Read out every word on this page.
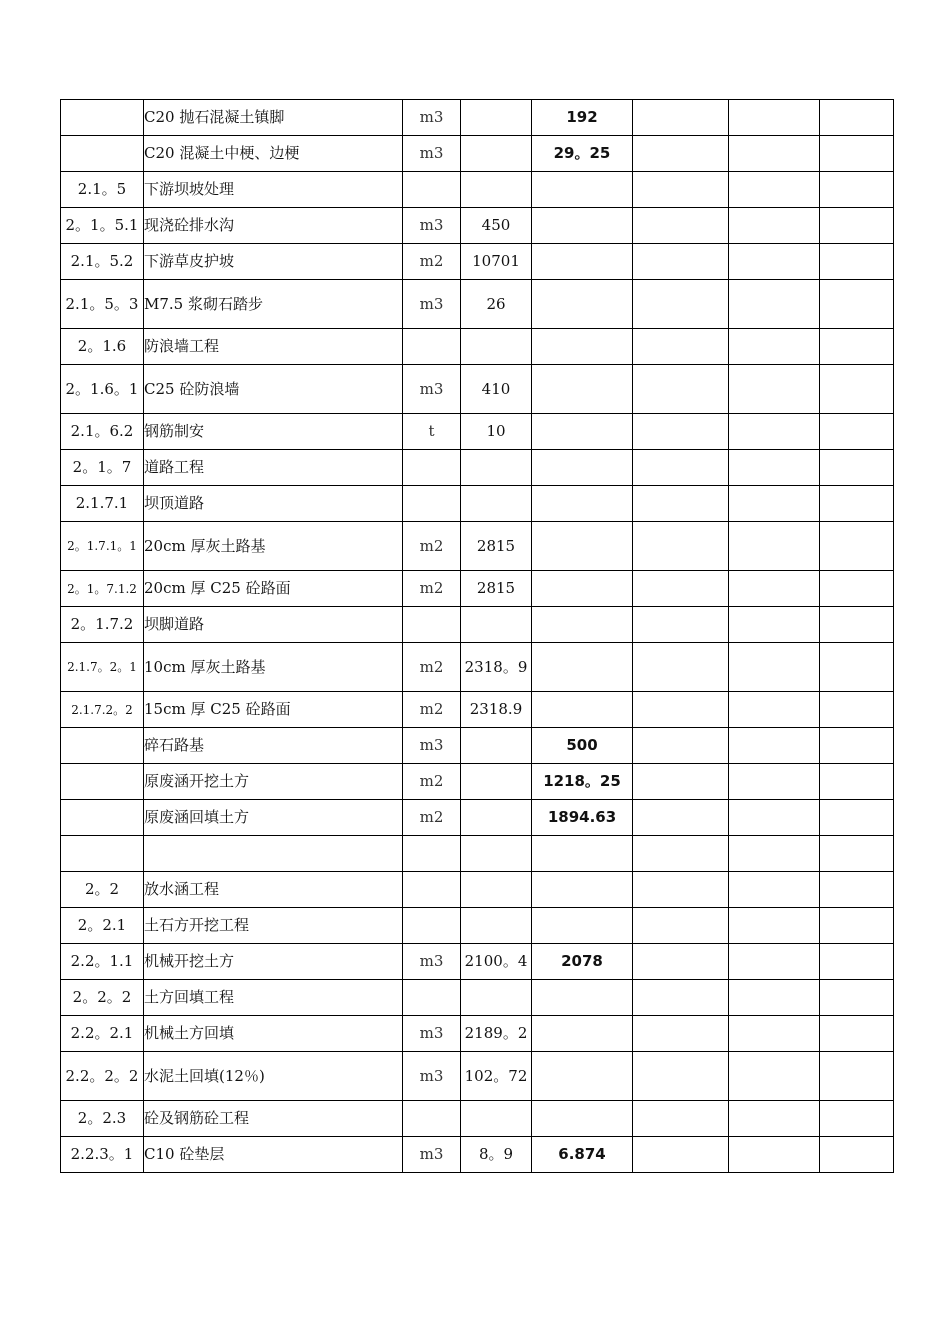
	C20 抛石混凝土镇脚	m3		192			
	C20 混凝土中梗、边梗	m3		29。25			
2.1。5	下游坝坡处理						
2。1。5.1	现浇砼排水沟	m3	450				
2.1。5.2	下游草皮护坡	m2	10701				
2.1。5。3	M7.5 浆砌石踏步	m3	26				
2。1.6	防浪墙工程						
2。1.6。1	C25 砼防浪墙	m3	410				
2.1。6.2	钢筋制安	t	10				
2。1。7	道路工程						
2.1.7.1	坝顶道路						
2。1.7.1。1	20cm 厚灰土路基	m2	2815				
2。1。7.1.2	20cm 厚 C25 砼路面	m2	2815				
2。1.7.2	坝脚道路						
2.1.7。2。1	10cm 厚灰土路基	m2	2318。9				
2.1.7.2。2	15cm 厚 C25 砼路面	m2	2318.9				
	碎石路基	m3		500			
	原废涵开挖土方	m2		1218。25			
	原废涵回填土方	m2		1894.63			

2。2	放水涵工程						
2。2.1	土石方开挖工程						
2.2。1.1	机械开挖土方	m3	2100。4	2078			
2。2。2	土方回填工程						
2.2。2.1	机械土方回填	m3	2189。2				
2.2。2。2	水泥土回填(12％)	m3	102。72				
2。2.3	砼及钢筋砼工程						
2.2.3。1	C10 砼垫层	m3	8。9	6.874			
